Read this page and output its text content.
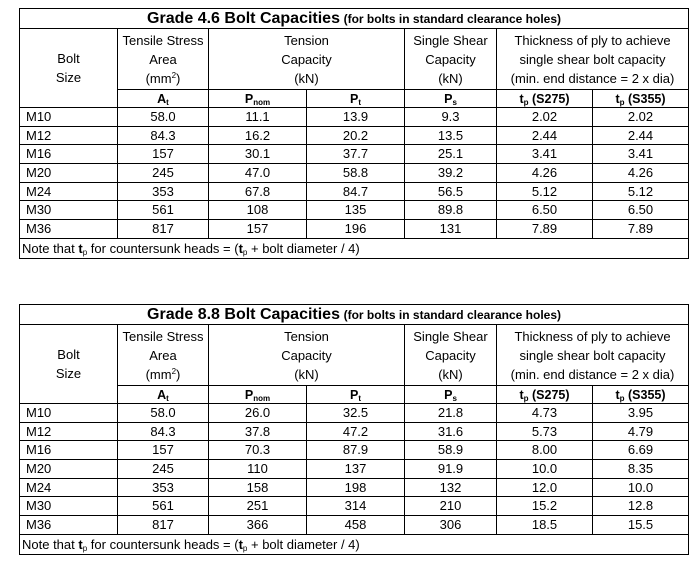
Grade 4.6 Bolt Capacities (for bolts in standard clearance holes)						
Bolt
Size	Tensile Stress
Area
$(mm^2)$	Tension
Capacity
(kN)		Single Shear
Capacity
(kN)	Thickness of ply to achieve
single shear bolt capacity
(min. end distance = 2 x dia)	
	$A_t$	$P_{nom}$	$P_t$	$P_s$	$t_p$ (S275)	$t_p$ (S355)
M10	58.0	11.1	13.9	9.3	2.02	2.02
M12	84.3	16.2	20.2	13.5	2.44	2.44
M16	157	30.1	37.7	25.1	3.41	3.41
M20	245	47.0	58.8	39.2	4.26	4.26
M24	353	67.8	84.7	56.5	5.12	5.12
M30	561	108	135	89.8	6.50	6.50
M36	817	157	196	131	7.89	7.89
Note that $t_p$ for countersunk heads = ($t_p$ + bolt diameter / 4)						
Grade 8.8 Bolt Capacities (for bolts in standard clearance holes)						
Bolt
Size	Tensile Stress
Area
$(mm^2)$	Tension
Capacity
(kN)		Single Shear
Capacity
(kN)	Thickness of ply to achieve
single shear bolt capacity
(min. end distance = 2 x dia)	
	$A_t$	$P_{nom}$	$P_t$	$P_s$	$t_p$ (S275)	$t_p$ (S355)
M10	58.0	26.0	32.5	21.8	4.73	3.95
M12	84.3	37.8	47.2	31.6	5.73	4.79
M16	157	70.3	87.9	58.9	8.00	6.69
M20	245	110	137	91.9	10.0	8.35
M24	353	158	198	132	12.0	10.0
M30	561	251	314	210	15.2	12.8
M36	817	366	458	306	18.5	15.5
Note that $t_p$ for countersunk heads = ($t_p$ + bolt diameter / 4)						
